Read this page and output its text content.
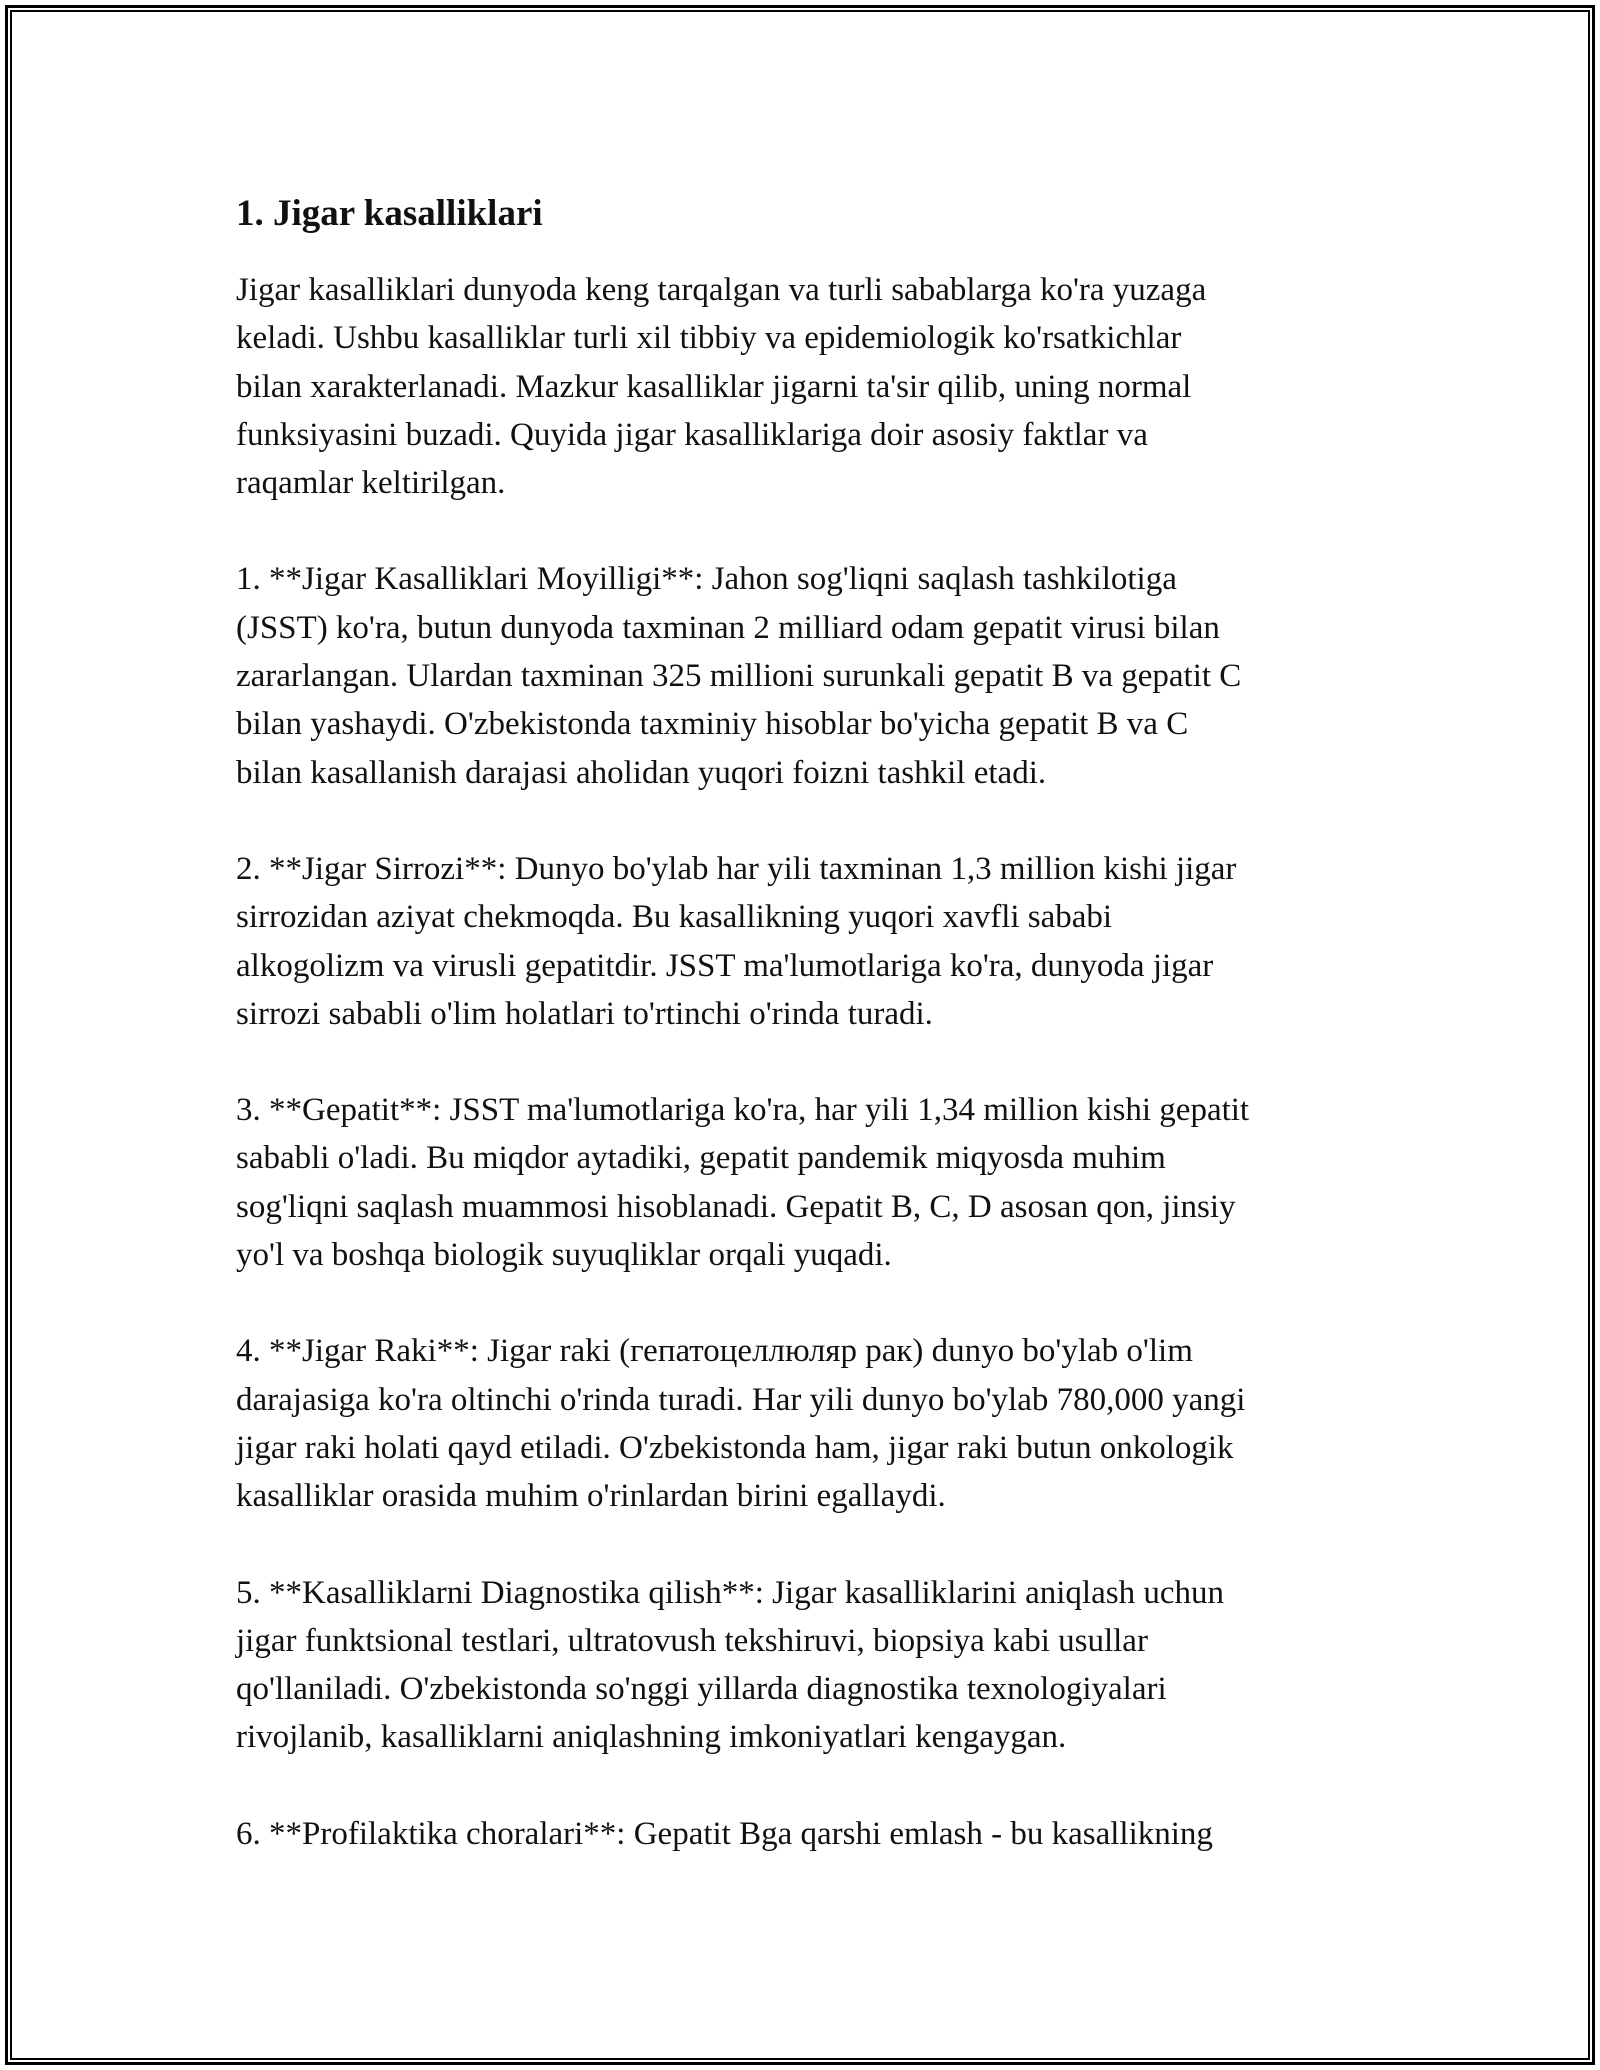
1. Jigar kasalliklari

Jigar kasalliklari dunyoda keng tarqalgan va turli sabablarga ko'ra yuzaga
keladi. Ushbu kasalliklar turli xil tibbiy va epidemiologik ko'rsatkichlar
bilan xarakterlanadi. Mazkur kasalliklar jigarni ta'sir qilib, uning normal
funksiyasini buzadi. Quyida jigar kasalliklariga doir asosiy faktlar va
raqamlar keltirilgan.

1. **Jigar Kasalliklari Moyilligi**: Jahon sog'liqni saqlash tashkilotiga
(JSST) ko'ra, butun dunyoda taxminan 2 milliard odam gepatit virusi bilan
zararlangan. Ulardan taxminan 325 millioni surunkali gepatit B va gepatit C
bilan yashaydi. O'zbekistonda taxminiy hisoblar bo'yicha gepatit B va C
bilan kasallanish darajasi aholidan yuqori foizni tashkil etadi.

2. **Jigar Sirrozi**: Dunyo bo'ylab har yili taxminan 1,3 million kishi jigar
sirrozidan aziyat chekmoqda. Bu kasallikning yuqori xavfli sababi
alkogolizm va virusli gepatitdir. JSST ma'lumotlariga ko'ra, dunyoda jigar
sirrozi sababli o'lim holatlari to'rtinchi o'rinda turadi.

3. **Gepatit**: JSST ma'lumotlariga ko'ra, har yili 1,34 million kishi gepatit
sababli o'ladi. Bu miqdor aytadiki, gepatit pandemik miqyosda muhim
sog'liqni saqlash muammosi hisoblanadi. Gepatit B, C, D asosan qon, jinsiy
yo'l va boshqa biologik suyuqliklar orqali yuqadi.

4. **Jigar Raki**: Jigar raki (гепатоцеллюляр рак) dunyo bo'ylab o'lim
darajasiga ko'ra oltinchi o'rinda turadi. Har yili dunyo bo'ylab 780,000 yangi
jigar raki holati qayd etiladi. O'zbekistonda ham, jigar raki butun onkologik
kasalliklar orasida muhim o'rinlardan birini egallaydi.

5. **Kasalliklarni Diagnostika qilish**: Jigar kasalliklarini aniqlash uchun
jigar funktsional testlari, ultratovush tekshiruvi, biopsiya kabi usullar
qo'llaniladi. O'zbekistonda so'nggi yillarda diagnostika texnologiyalari
rivojlanib, kasalliklarni aniqlashning imkoniyatlari kengaygan.

6. **Profilaktika choralari**: Gepatit Bga qarshi emlash - bu kasallikning
